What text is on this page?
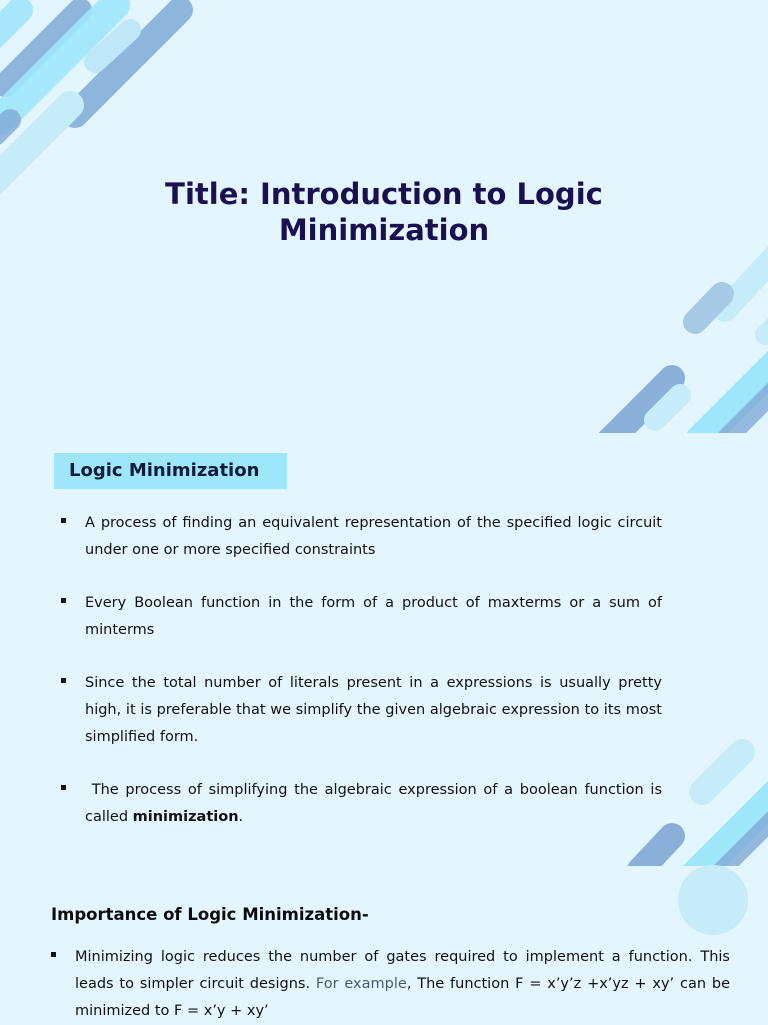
Title: Introduction to Logic Minimization
Logic Minimization
A process of finding an equivalent representation of the specified logic circuit under one or more specified constraints
Every Boolean function in the form of a product of maxterms or a sum of minterms
Since the total number of literals present in a expressions is usually pretty high, it is preferable that we simplify the given algebraic expression to its most simplified form.
The process of simplifying the algebraic expression of a boolean function is called minimization.
Importance of Logic Minimization-
Minimizing logic reduces the number of gates required to implement a function. This leads to simpler circuit designs. For example, The function F = x’y’z +x’yz + xy’ can be minimized to F = x’y + xy’
